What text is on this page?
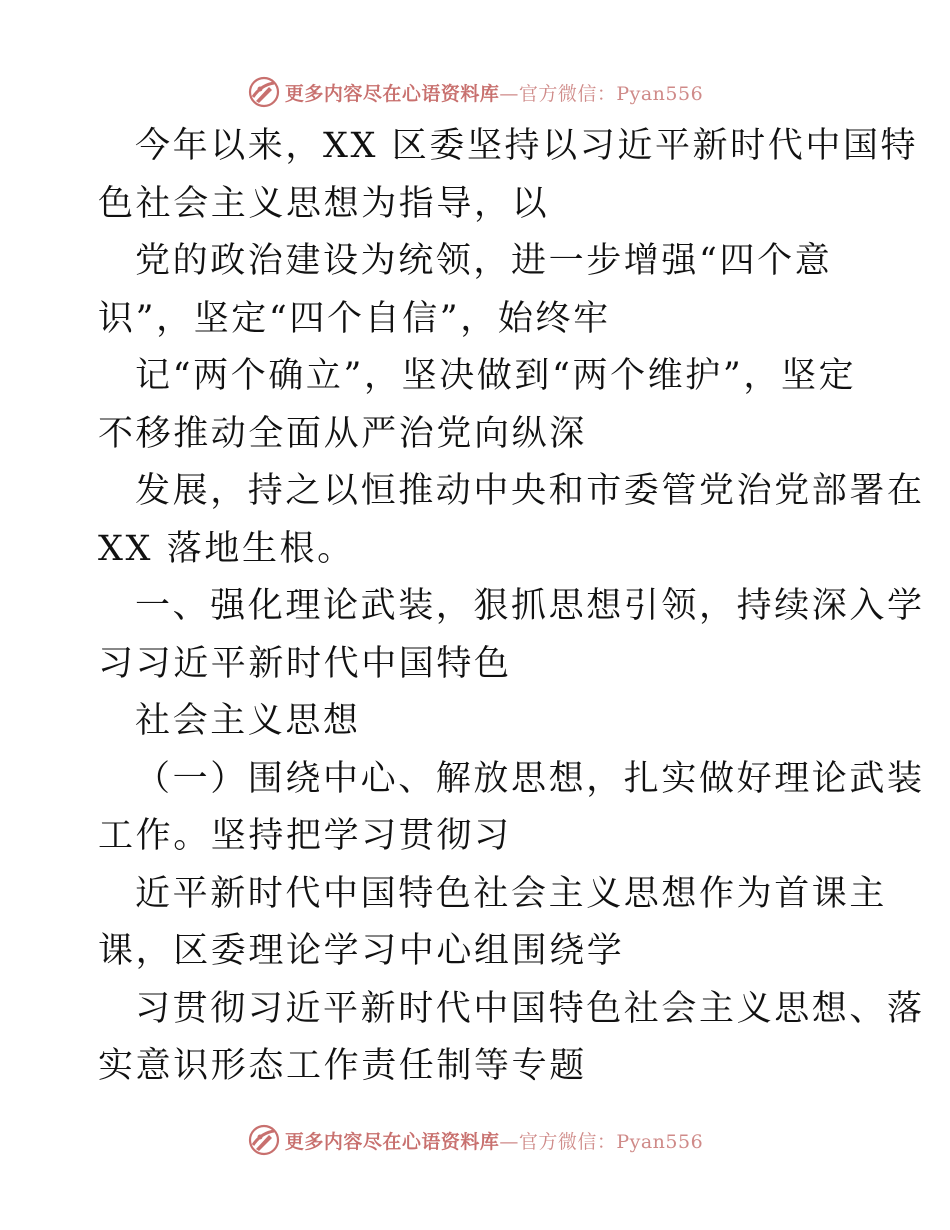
更多内容尽在心语资料库 —官方微信：Pyan556
今年以来，XX 区委坚持以习近平新时代中国特
色社会主义思想为指导，以
党的政治建设为统领，进一步增强“四个意
识”，坚定“四个自信”，始终牢
记“两个确立”，坚决做到“两个维护”，坚定
不移推动全面从严治党向纵深
发展，持之以恒推动中央和市委管党治党部署在
XX 落地生根。
一、强化理论武装，狠抓思想引领，持续深入学
习习近平新时代中国特色
社会主义思想
（一）围绕中心、解放思想，扎实做好理论武装
工作。坚持把学习贯彻习
近平新时代中国特色社会主义思想作为首课主
课，区委理论学习中心组围绕学
习贯彻习近平新时代中国特色社会主义思想、落
实意识形态工作责任制等专题
更多内容尽在心语资料库 —官方微信：Pyan556
